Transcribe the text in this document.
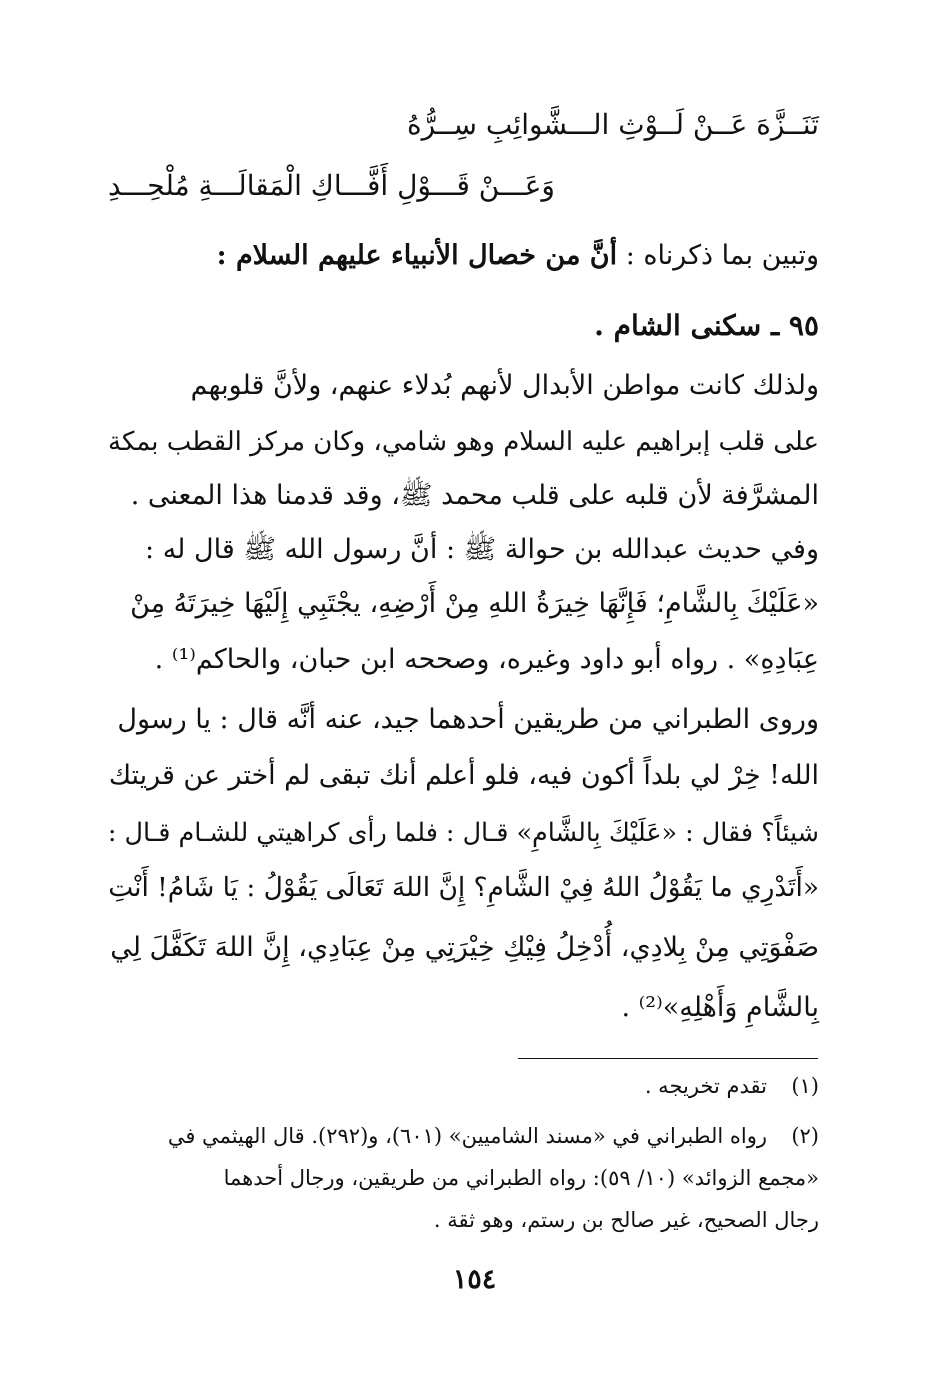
تَنَــزَّهَ عَــنْ لَــوْثِ الـــشَّوائِبِ سِــرُّهُ
وَعَـــنْ قَـــوْلِ أَفَّـــاكِ الْمَقالَـــةِ مُلْحِـــدِ
وتبين بما ذكرناه : أنَّ من خصال الأنبياء عليهم السلام :
٩٥ ـ سكنى الشام .
ولذلك كانت مواطن الأبدال لأنهم بُدلاء عنهم، ولأنَّ قلوبهم
على قلب إبراهيم عليه السلام وهو شامي، وكان مركز القطب بمكة
المشرَّفة لأن قلبه على قلب محمد ﷺ، وقد قدمنا هذا المعنى .
وفي حديث عبدالله بن حوالة ﷺ : أنَّ رسول الله ﷺ قال له :
«عَلَيْكَ بِالشَّامِ؛ فَإِنَّهَا خِيرَةُ اللهِ مِنْ أَرْضِهِ، يجْتَبِي إِلَيْهَا خِيرَتَهُ مِنْ
عِبَادِهِ» . رواه أبو داود وغيره، وصححه ابن حبان، والحاكم⁽¹⁾ .
وروى الطبراني من طريقين أحدهما جيد، عنه أنَّه قال : يا رسول
الله! خِرْ لي بلداً أكون فيه، فلو أعلم أنك تبقى لم أختر عن قريتك
شيئاً؟ فقال : «عَلَيْكَ بِالشَّامِ» قـال : فلما رأى كراهيتي للشـام قـال :
«أَتَدْرِي ما يَقُوْلُ اللهُ فِيْ الشَّامِ؟ إِنَّ اللهَ تَعَالَى يَقُوْلُ : يَا شَامُ! أَنْتِ
صَفْوَتِي مِنْ بِلادِي، أُدْخِلُ فِيْكِ خِيْرَتِي مِنْ عِبَادِي، إِنَّ اللهَ تَكَفَّلَ لِي
بِالشَّامِ وَأَهْلِهِ»⁽²⁾ .
(١)تقدم تخريجه .
(٢)رواه الطبراني في «مسند الشاميين» (٦٠١)، و(٢٩٢). قال الهيثمي في
«مجمع الزوائد» (١٠/ ٥٩): رواه الطبراني من طريقين، ورجال أحدهما
رجال الصحيح، غير صالح بن رستم، وهو ثقة .
١٥٤
